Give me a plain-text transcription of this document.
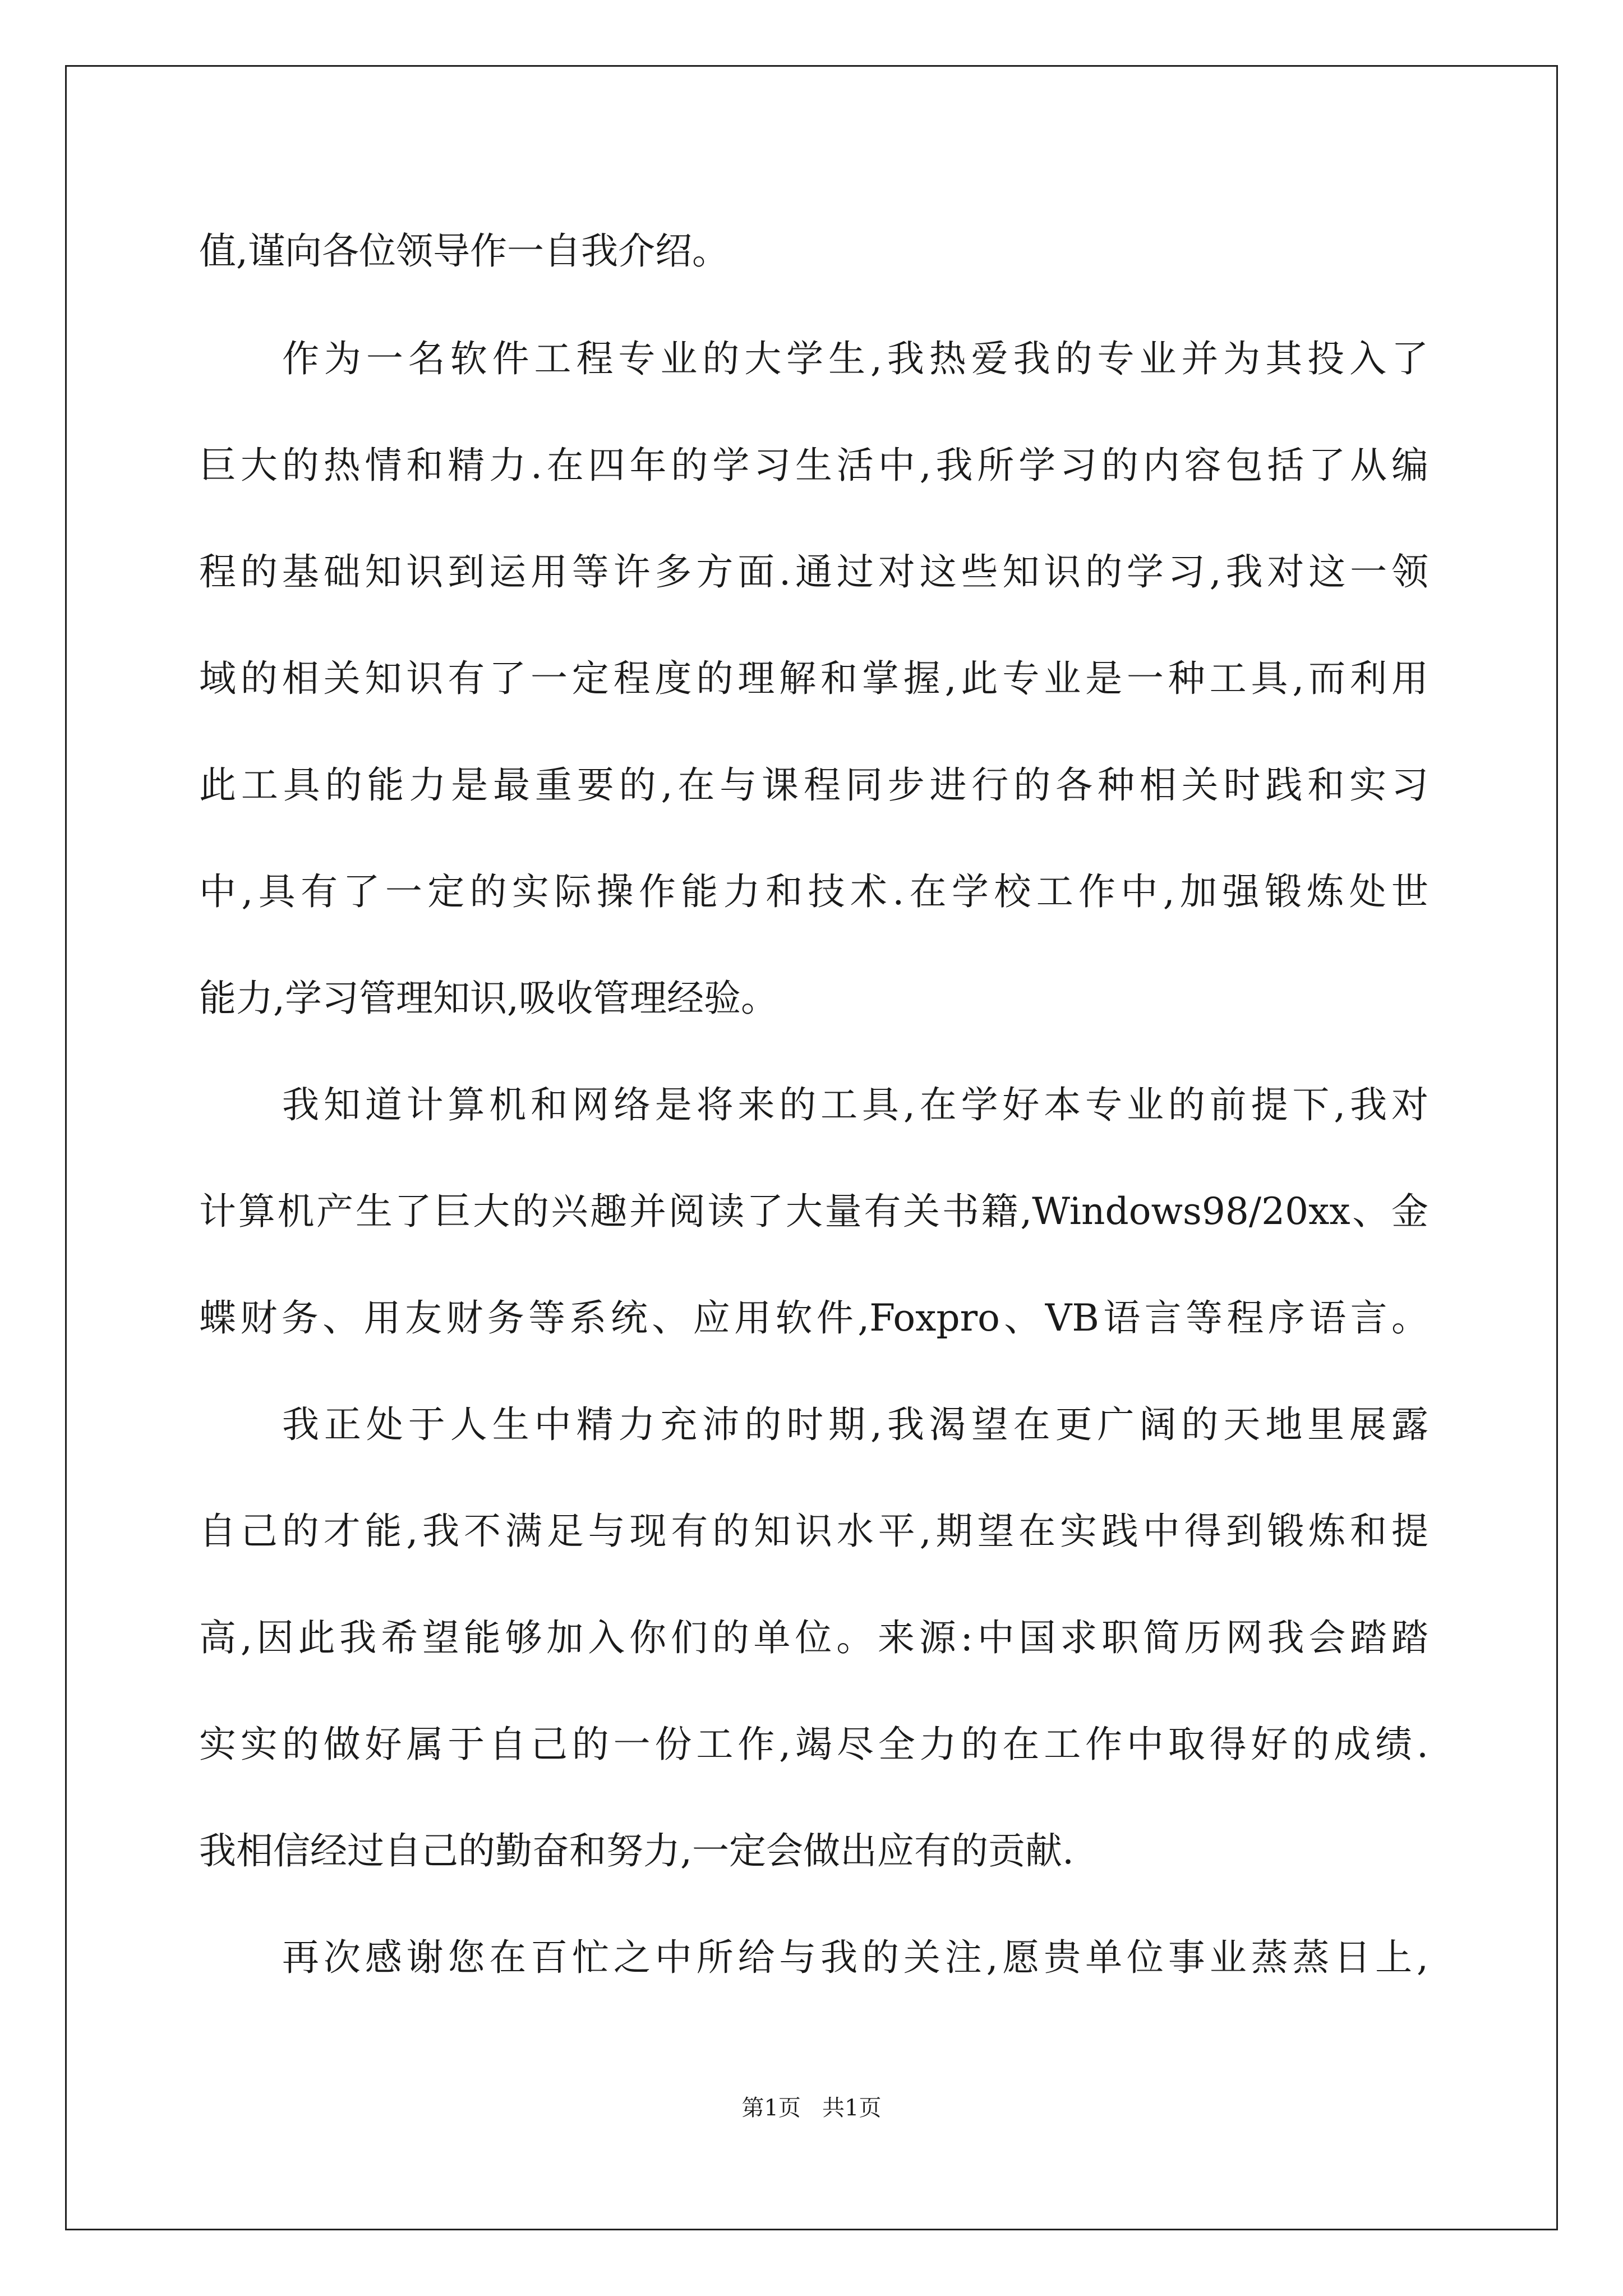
值,谨向各位领导作一自我介绍。
作为一名软件工程专业的大学生,我热爱我的专业并为其投入了
巨大的热情和精力.在四年的学习生活中,我所学习的内容包括了从编
程的基础知识到运用等许多方面.通过对这些知识的学习,我对这一领
域的相关知识有了一定程度的理解和掌握,此专业是一种工具,而利用
此工具的能力是最重要的,在与课程同步进行的各种相关时践和实习
中,具有了一定的实际操作能力和技术.在学校工作中,加强锻炼处世
能力,学习管理知识,吸收管理经验。
我知道计算机和网络是将来的工具,在学好本专业的前提下,我对
计算机产生了巨大的兴趣并阅读了大量有关书籍,Windows98/20xx、金
蝶财务、用友财务等系统、应用软件,Foxpro、VB语言等程序语言。
我正处于人生中精力充沛的时期,我渴望在更广阔的天地里展露
自己的才能,我不满足与现有的知识水平,期望在实践中得到锻炼和提
高,因此我希望能够加入你们的单位。来源:中国求职简历网我会踏踏
实实的做好属于自己的一份工作,竭尽全力的在工作中取得好的成绩.
我相信经过自己的勤奋和努力,一定会做出应有的贡献.
再次感谢您在百忙之中所给与我的关注,愿贵单位事业蒸蒸日上,
第1页   共1页
